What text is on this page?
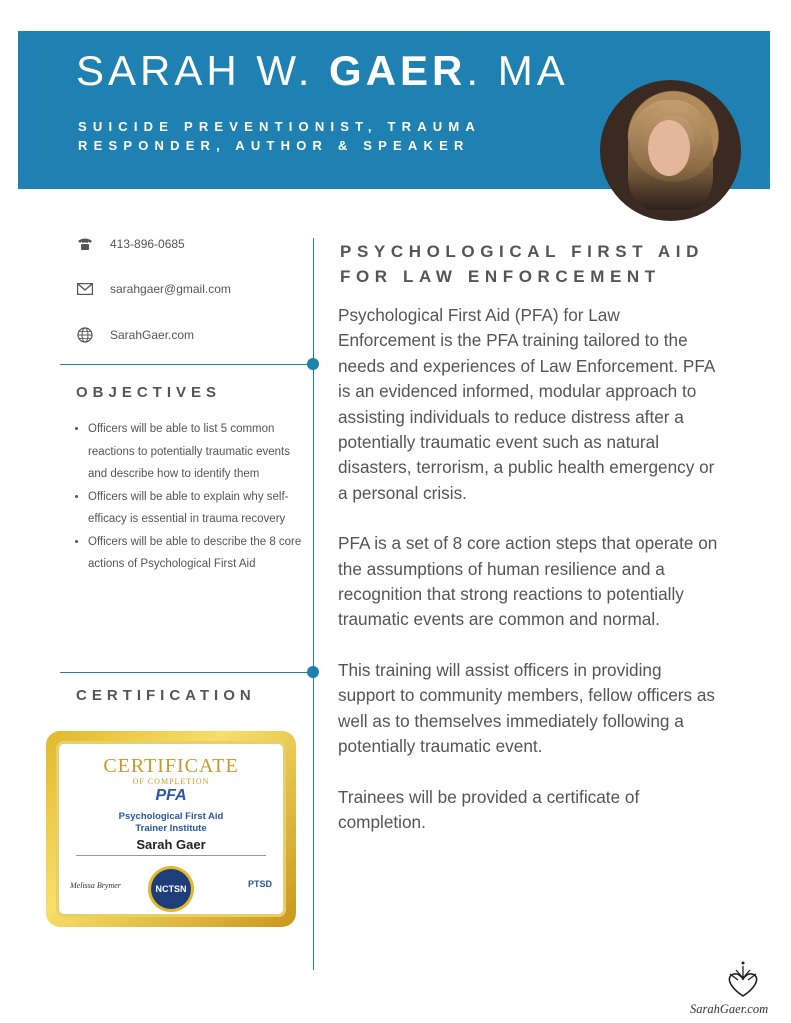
SARAH W. GAER. MA

SUICIDE PREVENTIONIST, TRAUMA
RESPONDER, AUTHOR & SPEAKER

413-896-0685
sarahgaer@gmail.com
SarahGaer.com
OBJECTIVES
• Officers will be able to list 5 common reactions to potentially traumatic events and describe how to identify them
• Officers will be able to explain why self-efficacy is essential in trauma recovery
• Officers will be able to describe the 8 core actions of Psychological First Aid
CERTIFICATION
CERTIFICATE
OF COMPLETION
PFA
Psychological First Aid
Trainer Institute
Sarah Gaer
Melissa Brymer	NCTSN	PTSD
PSYCHOLOGICAL FIRST AID
FOR LAW ENFORCEMENT

Psychological First Aid (PFA) for Law Enforcement is the PFA training tailored to the needs and experiences of Law Enforcement. PFA is an evidenced informed, modular approach to assisting individuals to reduce distress after a potentially traumatic event such as natural disasters, terrorism, a public health emergency or a personal crisis.

PFA is a set of 8 core action steps that operate on the assumptions of human resilience and a recognition that strong reactions to potentially traumatic events are common and normal.

This training will assist officers in providing support to community members, fellow officers as well as to themselves immediately following a potentially traumatic event.

Trainees will be provided a certificate of completion.

SarahGaer.com
